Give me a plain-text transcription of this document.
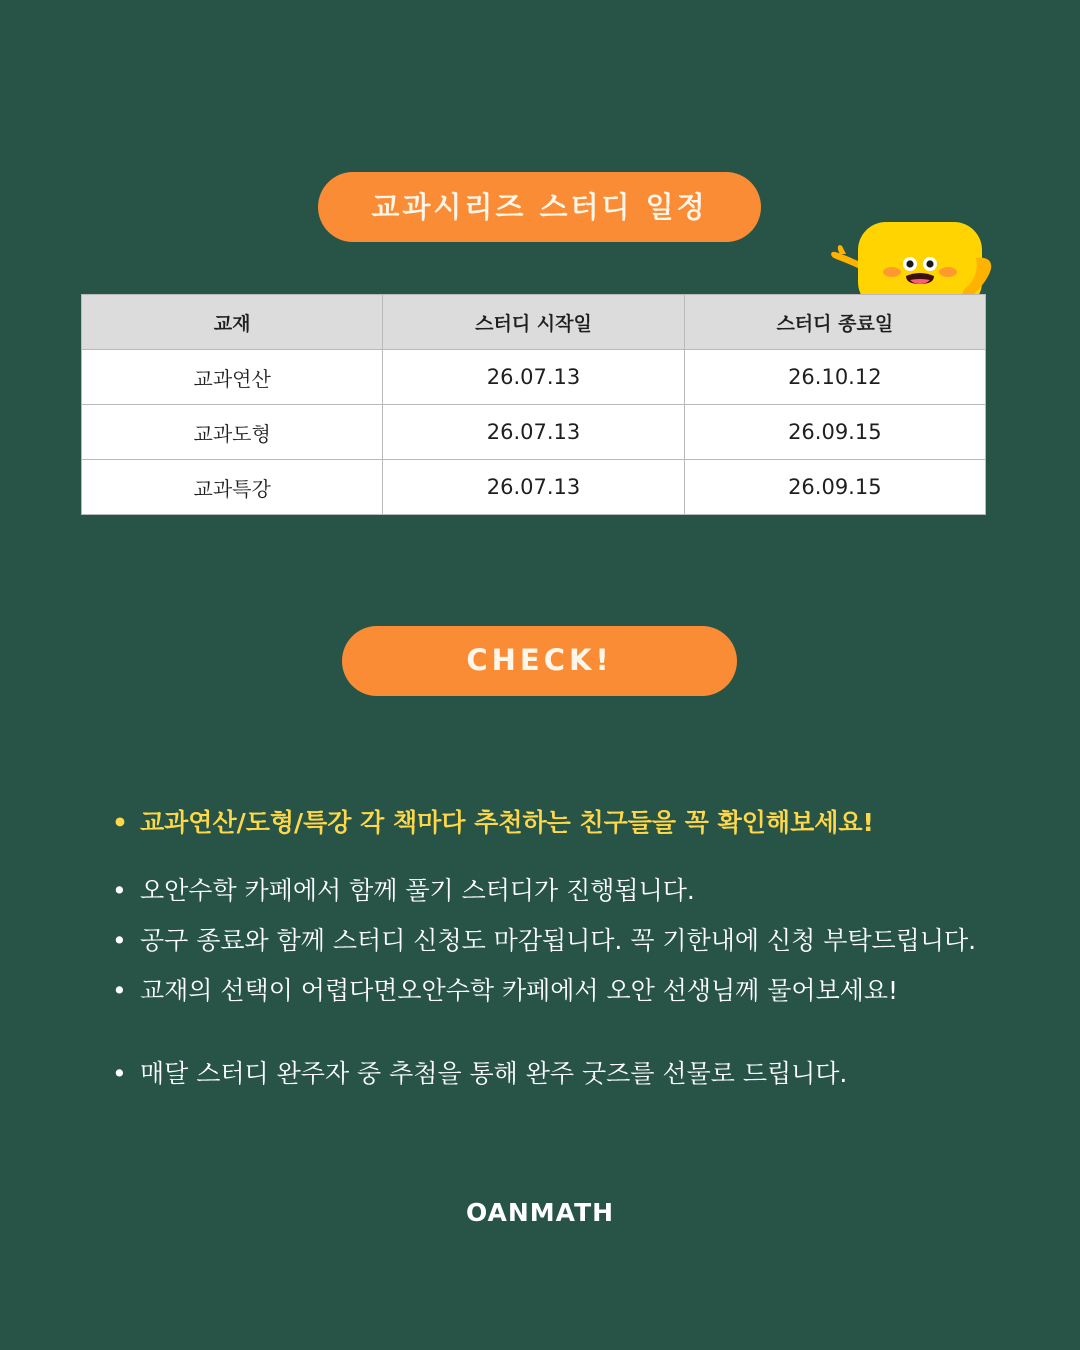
교과시리즈 스터디 일정
교재	스터디 시작일	스터디 종료일
교과연산	26.07.13	26.10.12
교과도형	26.07.13	26.09.15
교과특강	26.07.13	26.09.15
CHECK!
• 교과연산/도형/특강 각 책마다 추천하는 친구들을 꼭 확인해보세요!
• 오안수학 카페에서 함께 풀기 스터디가 진행됩니다.
• 공구 종료와 함께 스터디 신청도 마감됩니다. 꼭 기한내에 신청 부탁드립니다.
• 교재의 선택이 어렵다면오안수학 카페에서 오안 선생님께 물어보세요!
• 매달 스터디 완주자 중 추첨을 통해 완주 굿즈를 선물로 드립니다.
OANMATH
